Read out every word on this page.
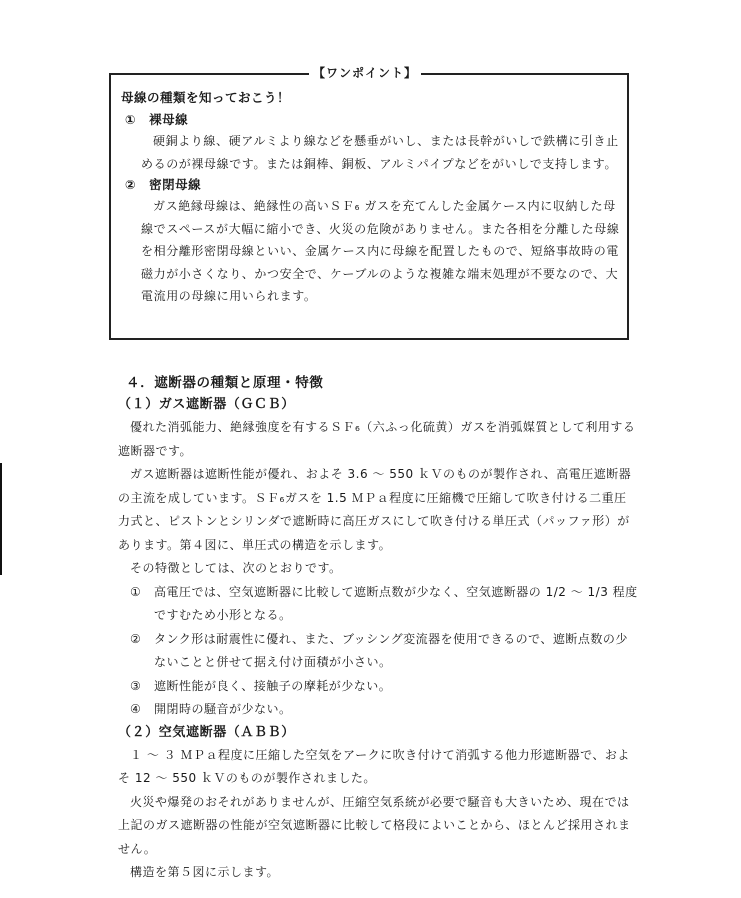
【ワンポイント】
母線の種類を知っておこう！
①　裸母線

硬銅より線、硬アルミより線などを懸垂がいし、または長幹がいしで鉄構に引き止めるのが裸母線です。または銅棒、銅板、アルミパイプなどをがいしで支持します。

②　密閉母線

ガス絶縁母線は、絶縁性の高いＳＦ₆ ガスを充てんした金属ケース内に収納した母線でスペースが大幅に縮小でき、火災の危険がありません。また各相を分離した母線を相分離形密閉母線といい、金属ケース内に母線を配置したもので、短絡事故時の電磁力が小さくなり、かつ安全で、ケーブルのような複雑な端末処理が不要なので、大電流用の母線に用いられます。

４．遮断器の種類と原理・特徴
（１）ガス遮断器（ＧＣＢ）

優れた消弧能力、絶縁強度を有するＳＦ₆（六ふっ化硫黄）ガスを消弧媒質として利用する遮断器です。

ガス遮断器は遮断性能が優れ、およそ 3.6 ～ 550 ｋＶのものが製作され、高電圧遮断器の主流を成しています。ＳＦ₆ガスを 1.5 ＭＰａ程度に圧縮機で圧縮して吹き付ける二重圧力式と、ピストンとシリンダで遮断時に高圧ガスにして吹き付ける単圧式（パッファ形）があります。第４図に、単圧式の構造を示します。

その特徴としては、次のとおりです。

① 高電圧では、空気遮断器に比較して遮断点数が少なく、空気遮断器の 1/2 ～ 1/3 程度ですむため小形となる。
② タンク形は耐震性に優れ、また、ブッシング変流器を使用できるので、遮断点数の少ないことと併せて据え付け面積が小さい。
③ 遮断性能が良く、接触子の摩耗が少ない。
④ 開閉時の騒音が少ない。
（２）空気遮断器（ＡＢＢ）

１ ～ ３ ＭＰａ程度に圧縮した空気をアークに吹き付けて消弧する他力形遮断器で、およそ 12 ～ 550 ｋＶのものが製作されました。

火災や爆発のおそれがありませんが、圧縮空気系統が必要で騒音も大きいため、現在では上記のガス遮断器の性能が空気遮断器に比較して格段によいことから、ほとんど採用されません。

構造を第５図に示します。
